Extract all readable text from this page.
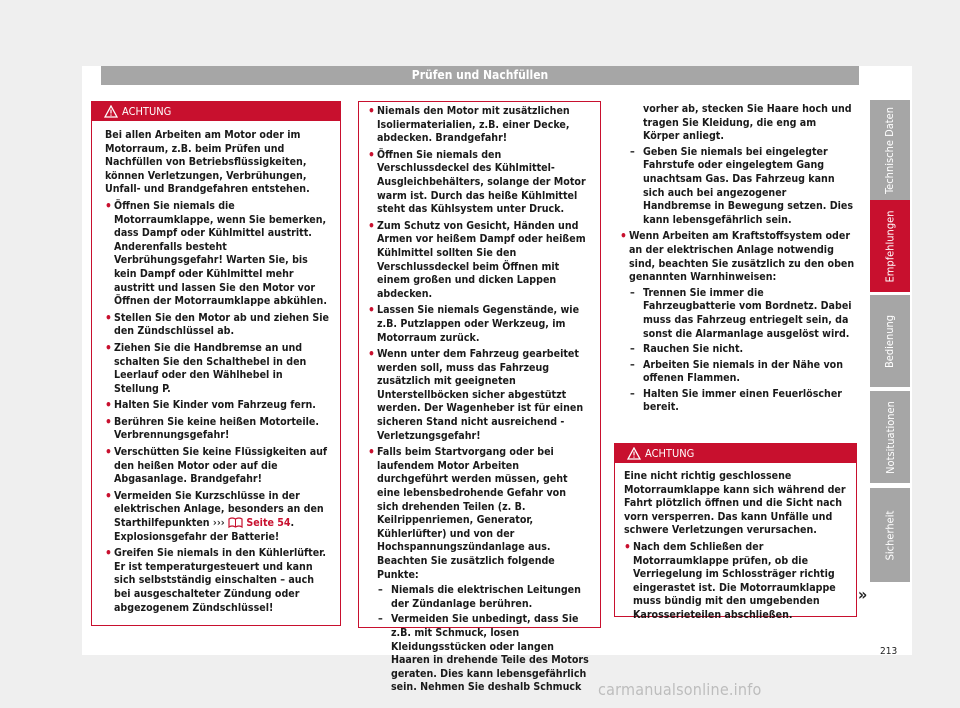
Prüfen und Nachfüllen
ACHTUNG

Bei allen Arbeiten am Motor oder im Motorraum, z.B. beim Prüfen und Nachfüllen von Betriebsflüssigkeiten, können Verletzungen, Verbrühungen, Unfall- und Brandgefahren entstehen.

• Öffnen Sie niemals die Motorraumklappe, wenn Sie bemerken, dass Dampf oder Kühlmittel austritt. Anderenfalls besteht Verbrühungsgefahr! Warten Sie, bis kein Dampf oder Kühlmittel mehr austritt und lassen Sie den Motor vor Öffnen der Motorraumklappe abkühlen.

• Stellen Sie den Motor ab und ziehen Sie den Zündschlüssel ab.

• Ziehen Sie die Handbremse an und schalten Sie den Schalthebel in den Leerlauf oder den Wählhebel in Stellung P.

• Halten Sie Kinder vom Fahrzeug fern.

• Berühren Sie keine heißen Motorteile. Verbrennungsgefahr!

• Verschütten Sie keine Flüssigkeiten auf den heißen Motor oder auf die Abgasanlage. Brandgefahr!

• Vermeiden Sie Kurzschlüsse in der elektrischen Anlage, besonders an den Starthilfepunkten ››› Seite 54. Explosionsgefahr der Batterie!

• Greifen Sie niemals in den Kühlerlüfter. Er ist temperaturgesteuert und kann sich selbstständig einschalten – auch bei ausgeschalteter Zündung oder abgezogenem Zündschlüssel!

• Niemals den Motor mit zusätzlichen Isoliermaterialien, z.B. einer Decke, abdecken. Brandgefahr!

• Öffnen Sie niemals den Verschlussdeckel des Kühlmittel-Ausgleichbehälters, solange der Motor warm ist. Durch das heiße Kühlmittel steht das Kühlsystem unter Druck.

• Zum Schutz von Gesicht, Händen und Armen vor heißem Dampf oder heißem Kühlmittel sollten Sie den Verschlussdeckel beim Öffnen mit einem großen und dicken Lappen abdecken.

• Lassen Sie niemals Gegenstände, wie z.B. Putzlappen oder Werkzeug, im Motorraum zurück.

• Wenn unter dem Fahrzeug gearbeitet werden soll, muss das Fahrzeug zusätzlich mit geeigneten Unterstellböcken sicher abgestützt werden. Der Wagenheber ist für einen sicheren Stand nicht ausreichend - Verletzungsgefahr!

• Falls beim Startvorgang oder bei laufendem Motor Arbeiten durchgeführt werden müssen, geht eine lebensbedrohende Gefahr von sich drehenden Teilen (z. B. Keilrippenriemen, Generator, Kühlerlüfter) und von der Hochspannungszündanlage aus. Beachten Sie zusätzlich folgende Punkte:

– Niemals die elektrischen Leitungen der Zündanlage berühren.

– Vermeiden Sie unbedingt, dass Sie z.B. mit Schmuck, losen Kleidungsstücken oder langen Haaren in drehende Teile des Motors geraten. Dies kann lebensgefährlich sein. Nehmen Sie deshalb Schmuck

vorher ab, stecken Sie Haare hoch und tragen Sie Kleidung, die eng am Körper anliegt.

– Geben Sie niemals bei eingelegter Fahrstufe oder eingelegtem Gang unachtsam Gas. Das Fahrzeug kann sich auch bei angezogener Handbremse in Bewegung setzen. Dies kann lebensgefährlich sein.

• Wenn Arbeiten am Kraftstoffsystem oder an der elektrischen Anlage notwendig sind, beachten Sie zusätzlich zu den oben genannten Warnhinweisen:

– Trennen Sie immer die Fahrzeugbatterie vom Bordnetz. Dabei muss das Fahrzeug entriegelt sein, da sonst die Alarmanlage ausgelöst wird.

– Rauchen Sie nicht.

– Arbeiten Sie niemals in der Nähe von offenen Flammen.

– Halten Sie immer einen Feuerlöscher bereit.

ACHTUNG

Eine nicht richtig geschlossene Motorraumklappe kann sich während der Fahrt plötzlich öffnen und die Sicht nach vorn versperren. Das kann Unfälle und schwere Verletzungen verursachen.

• Nach dem Schließen der Motorraumklappe prüfen, ob die Verriegelung im Schlossträger richtig eingerastet ist. Die Motorraumklappe muss bündig mit den umgebenden Karosserieteilen abschließen.

»
Technische Daten
Empfehlungen
Bedienung
Notsituationen
Sicherheit
213
carmanualsonline.info
